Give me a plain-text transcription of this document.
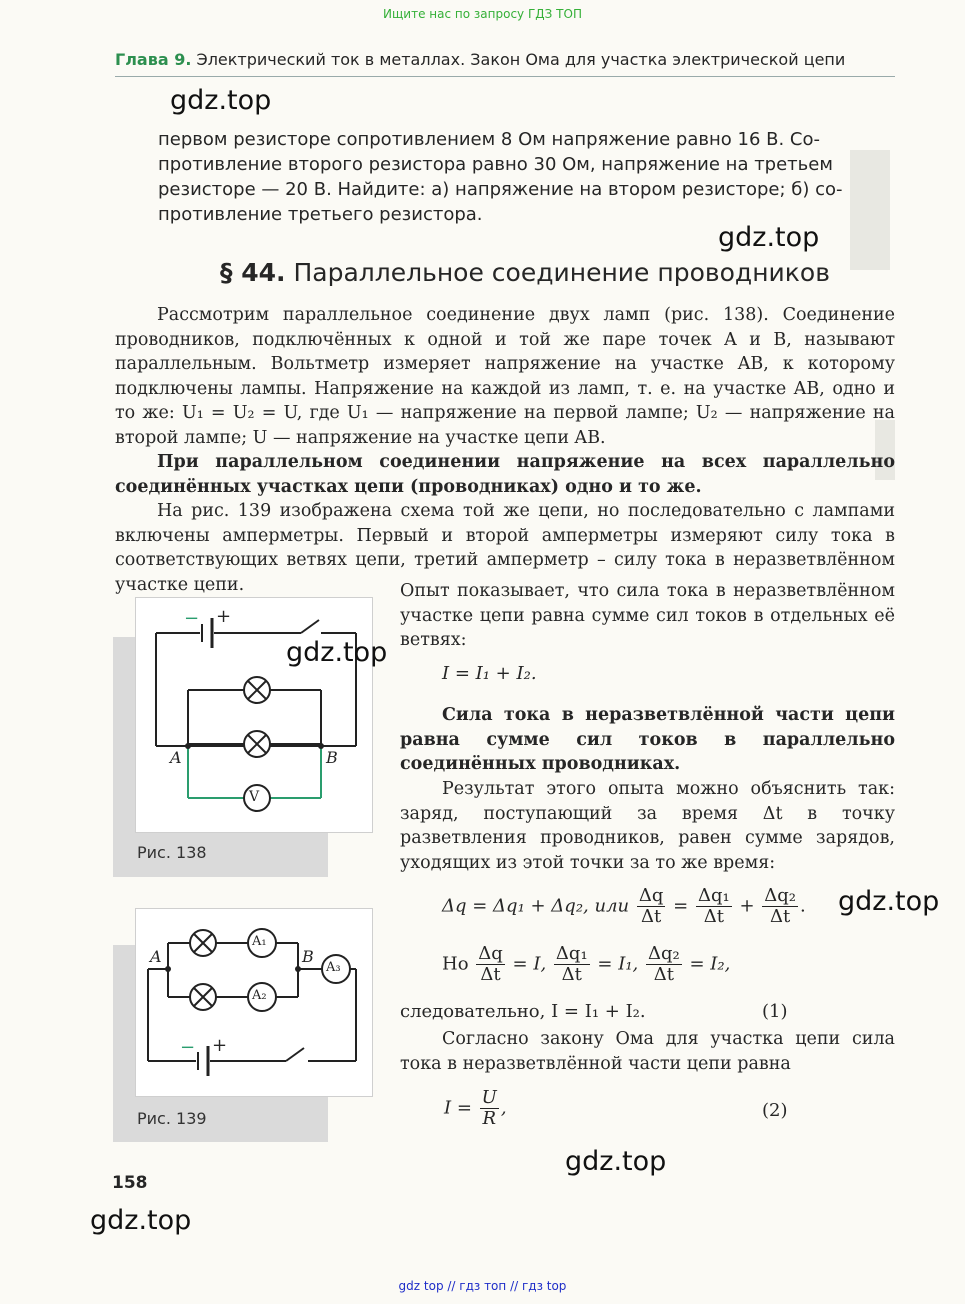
Ищите нас по запросу ГДЗ ТОП
Глава 9. Электрический ток в металлах. Закон Ома для участка электрической цепи
gdz.top

первом резисторе сопротивлением 8 Ом напряжение равно 16 В. Со-

противление второго резистора равно 30 Ом, напряжение на третьем

резисторе — 20 В. Найдите: а) напряжение на втором резисторе; б) со-

противление третьего резистора.

gdz.top
§ 44. Параллельное соединение проводников

Рассмотрим параллельное соединение двух ламп (рис. 138). Соединение проводников, подключённых к одной и той же паре точек A и B, называют параллельным. Вольтметр измеряет напряжение на участке AB, к которому подключены лампы. Напряжение на каждой из ламп, т. е. на участке AB, одно и то же: U₁ = U₂ = U, где U₁ — напряжение на первой лампе; U₂ — напряжение на второй лампе; U — напряжение на участке цепи AB.

При параллельном соединении напряжение на всех параллельно соединённых участках цепи (проводниках) одно и то же.

На рис. 139 изображена схема той же цепи, но последовательно с лампами включены амперметры. Первый и второй амперметры измеряют силу тока в соответствующих ветвях цепи, третий амперметр – силу тока в неразветвлённом участке цепи.

− +
V
A	B
Рис. 138
gdz.top

Опыт показывает, что сила тока в неразветвлённом участке цепи равна сумме сил токов в отдельных её ветвях:

I = I₁ + I₂.

Сила тока в неразветвлённой части цепи равна сумме сил токов в параллельно соединённых проводниках.

Результат этого опыта можно объяснить так: заряд, поступающий за время Δt в точку разветвления проводников, равен сумме зарядов, уходящих из этой точки за то же время:

Δq = Δq₁ + Δq₂, или $\frac{\Delta q}{\Delta t} = \frac{\text{Δq₁}}{\Delta t} + \frac{\text{Δq₂}}{\Delta t}$ .	gdz.top
Но $\frac{\Delta q}{\Delta t} = I$, $\frac{\text{Δq₁}}{\Delta t} = I_1$, $\frac{\text{Δq₂}}{\Delta t} = I_2$,
следовательно, I = I₁ + I₂.	(1)

Согласно закону Ома для участка цепи сила тока в неразветвлённой части цепи равна

$I = \frac{U}{R}$ ,	(2)
gdz.top
A₁
A₂
A₃
A	B
− +
Рис. 139
158
gdz.top
gdz top // гдз топ // гдз top
